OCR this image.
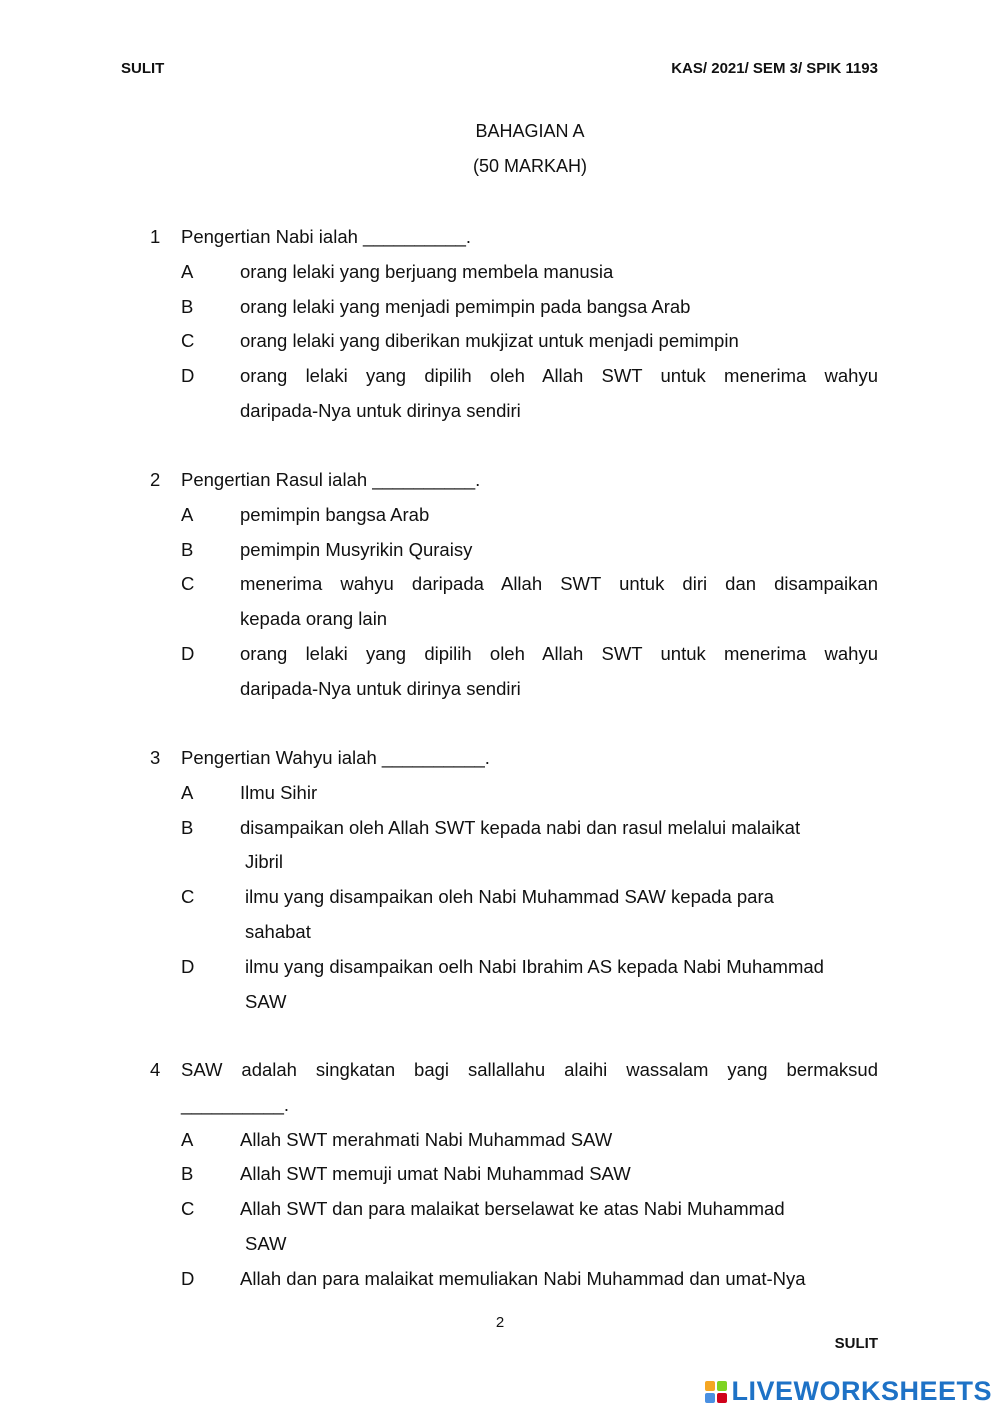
SULIT	KAS/ 2021/ SEM 3/ SPIK 1193
BAHAGIAN A
(50 MARKAH)
1	Pengertian Nabi ialah __________.
A	orang lelaki yang berjuang membela manusia
B	orang lelaki yang menjadi pemimpin pada bangsa Arab
C	orang lelaki yang diberikan mukjizat untuk menjadi pemimpin
D	orang lelaki yang dipilih oleh Allah SWT untuk menerima wahyu
daripada-Nya untuk dirinya sendiri
2	Pengertian Rasul ialah __________.
A	pemimpin bangsa Arab
B	pemimpin Musyrikin Quraisy
C	menerima wahyu daripada Allah SWT untuk diri dan disampaikan
kepada orang lain
D	orang lelaki yang dipilih oleh Allah SWT untuk menerima wahyu
daripada-Nya untuk dirinya sendiri
3	Pengertian Wahyu ialah __________.
A	Ilmu Sihir
B	disampaikan oleh Allah SWT kepada nabi dan rasul melalui malaikat
Jibril
C	ilmu yang disampaikan oleh Nabi Muhammad SAW kepada para
sahabat
D	ilmu yang disampaikan oelh Nabi Ibrahim AS kepada Nabi Muhammad
SAW
4	SAW adalah singkatan bagi sallallahu alaihi wassalam yang bermaksud
__________.
A	Allah SWT merahmati Nabi Muhammad SAW
B	Allah SWT memuji umat Nabi Muhammad SAW
C	Allah SWT dan para malaikat berselawat ke atas Nabi Muhammad
SAW
D	Allah dan para malaikat memuliakan Nabi Muhammad dan umat-Nya
2
SULIT
LIVEWORKSHEETS
